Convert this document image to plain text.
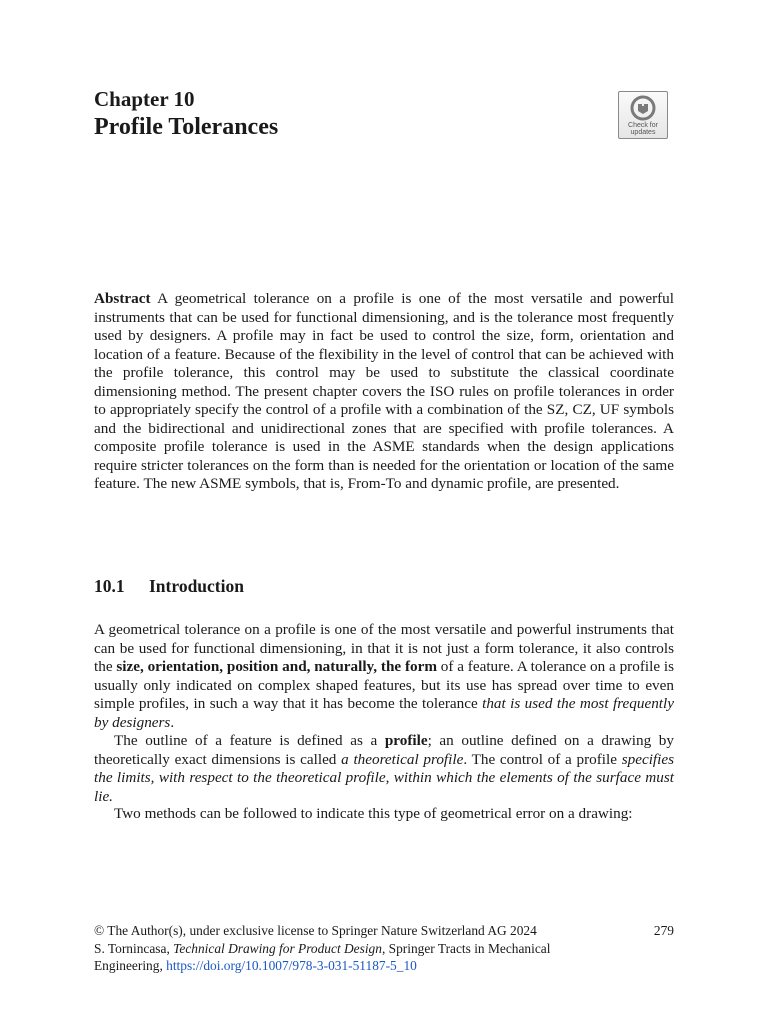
Chapter 10
Profile Tolerances	Check for
updates

Abstract A geometrical tolerance on a profile is one of the most versatile and powerful instruments that can be used for functional dimensioning, and is the tolerance most frequently used by designers. A profile may in fact be used to control the size, form, orientation and location of a feature. Because of the flexibility in the level of control that can be achieved with the profile tolerance, this control may be used to substitute the classical coordinate dimensioning method. The present chapter covers the ISO rules on profile tolerances in order to appropriately specify the control of a profile with a combination of the SZ, CZ, UF symbols and the bidirectional and unidirectional zones that are specified with profile tolerances. A composite profile tolerance is used in the ASME standards when the design applications require stricter tolerances on the form than is needed for the orientation or location of the same feature. The new ASME symbols, that is, From-To and dynamic profile, are presented.

10.1 Introduction

A geometrical tolerance on a profile is one of the most versatile and powerful instruments that can be used for functional dimensioning, in that it is not just a form tolerance, it also controls the size, orientation, position and, naturally, the form of a feature. A tolerance on a profile is usually only indicated on complex shaped features, but its use has spread over time to even simple profiles, in such a way that it has become the tolerance that is used the most frequently by designers.

The outline of a feature is defined as a profile; an outline defined on a drawing by theoretically exact dimensions is called a theoretical profile. The control of a profile specifies the limits, with respect to the theoretical profile, within which the elements of the surface must lie.

Two methods can be followed to indicate this type of geometrical error on a drawing:

© The Author(s), under exclusive license to Springer Nature Switzerland AG 2024	279
S. Tornincasa, Technical Drawing for Product Design, Springer Tracts in Mechanical
Engineering, https://doi.org/10.1007/978-3-031-51187-5_10
